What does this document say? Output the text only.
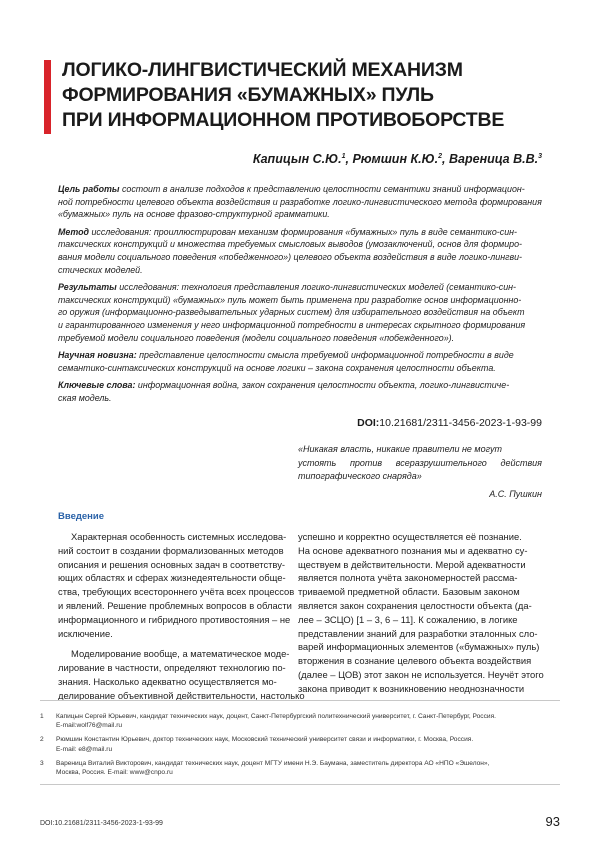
ЛОГИКО-ЛИНГВИСТИЧЕСКИЙ МЕХАНИЗМ
ФОРМИРОВАНИЯ «БУМАЖНЫХ» ПУЛЬ
ПРИ ИНФОРМАЦИОННОМ ПРОТИВОБОРСТВЕ
Капицын С.Ю.$^1$, Рюмшин К.Ю.$^2$, Вареница В.В.$^3$

Цель работы состоит в анализе подходов к представлению целостности семантики знаний информацион-
ной потребности целевого объекта воздействия и разработке логико-лингвистического метода формирования
«бумажных» пуль на основе фразово-структурной грамматики.

Метод исследования: проиллюстрирован механизм формирования «бумажных» пуль в виде семантико-син-
таксических конструкций и множества требуемых смысловых выводов (умозаключений, основ для формиро-
вания модели социального поведения «победженного») целевого объекта воздействия в виде логико-лингви-
стических моделей.

Результаты исследования: технология представления логико-лингвистических моделей (семантико-син-
таксических конструкций) «бумажных» пуль может быть применена при разработке основ информационно-
го оружия (информационно-разведывательных ударных систем) для избирательного воздействия на объект
и гарантированного изменения у него информационной потребности в интересах скрытного формирования
требуемой модели социального поведения (модели социального поведения «побежденного»).

Научная новизна: представление целостности смысла требуемой информационной потребности в виде
семантико-синтаксических конструкций на основе логики – закона сохранения целостности объекта.

Ключевые слова: информационная война, закон сохранения целостности объекта, логико-лингвистиче-
ская модель.

DOI:10.21681/2311-3456-2023-1-93-99
«Никакая власть, никакие правители не могут
устоять против всеразрушительного действия
типографического снаряда»
А.С. Пушкин
Введение
Характерная особенность системных исследова-
ний состоит в создании формализованных методов
описания и решения основных задач в соответству-
ющих областях и сферах жизнедеятельности обще-
ства, требующих всестороннего учёта всех процессов
и явлений. Решение проблемных вопросов в области
информационного и гибридного противостояния – не
исключение.
Моделирование вообще, а математическое моде-
лирование в частности, определяют технологию по-
знания. Насколько адекватно осуществляется мо-
делирование объективной действительности, настолько
успешно и корректно осуществляется её познание.
На основе адекватного познания мы и адекватно су-
ществуем в действительности. Мерой адекватности
является полнота учёта закономерностей рассма-
триваемой предметной области. Базовым законом
является закон сохранения целостности объекта (да-
лее – ЗСЦО) [1 – 3, 6 – 11]. К сожалению, в логике
представлении знаний для разработки эталонных сло-
варей информационных элементов («бумажных» пуль)
вторжения в сознание целевого объекта воздействия
(далее – ЦОВ) этот закон не используется. Неучёт этого
закона приводит к возникновению неоднозначности
1	Капицын Сергей Юрьевич, кандидат технических наук, доцент, Санкт-Петербургский политехнический университет, г. Санкт-Петербург, Россия.
E-mail:wolf76@mail.ru
2	Рюмшин Константин Юрьевич, доктор технических наук, Московский технический университет связи и информатики, г. Москва, Россия.
E-mail: e8@mail.ru
3	Вареница Виталий Викторович, кандидат технических наук, доцент МГТУ имени Н.Э. Баумана, заместитель директора АО «НПО «Эшелон»,
Москва, Россия. E-mail: www@cnpo.ru
DOI:10.21681/2311-3456-2023-1-93-99	93
